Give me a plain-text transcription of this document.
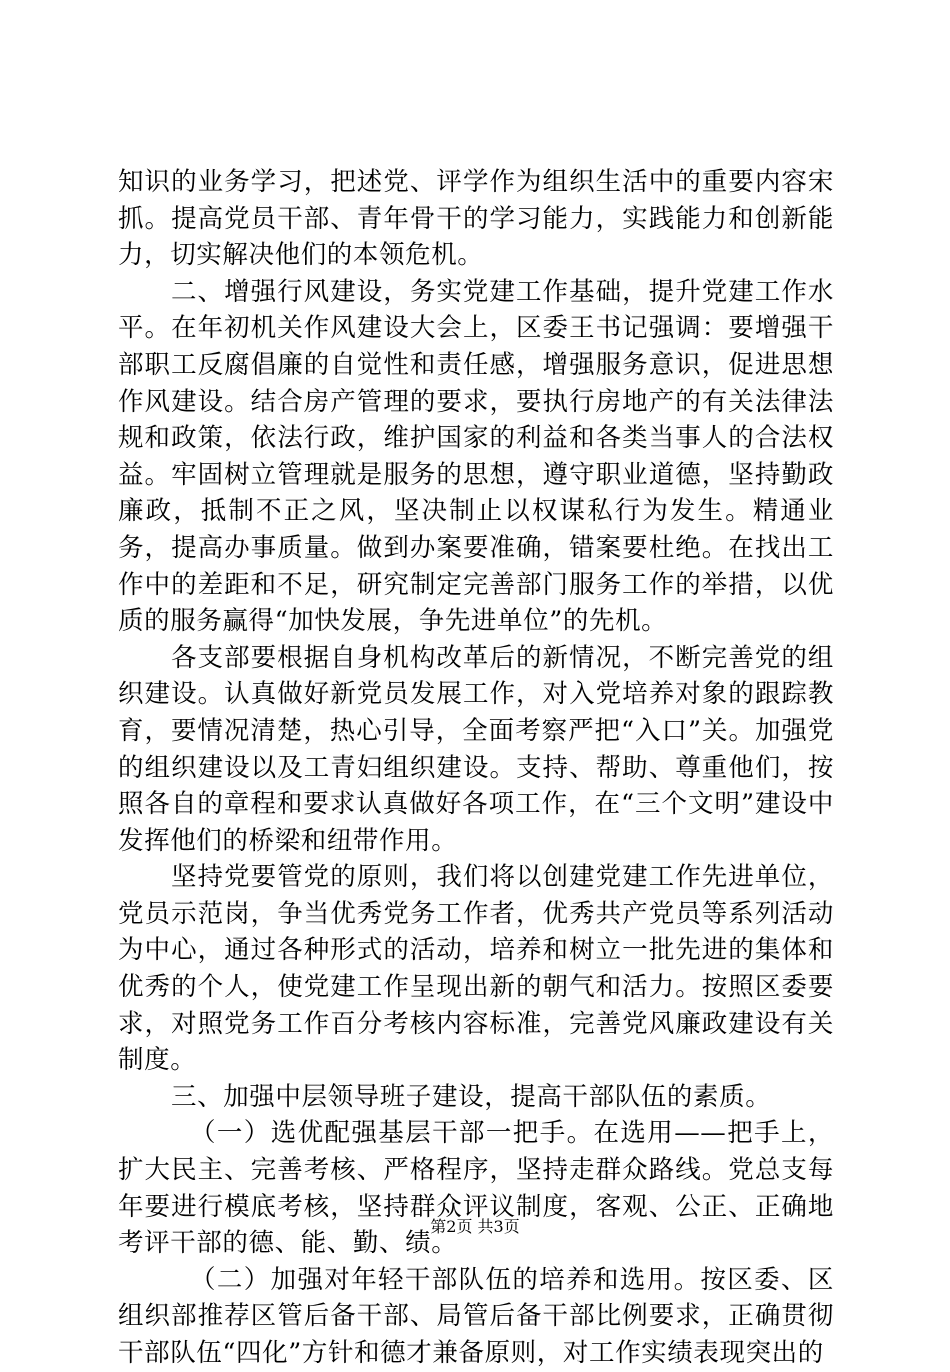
知识的业务学习，把述党、评学作为组织生活中的重要内容宋抓。提高党员干部、青年骨干的学习能力，实践能力和创新能力，切实解决他们的本领危机。

二、增强行风建设，务实党建工作基础，提升党建工作水平。在年初机关作风建设大会上，区委王书记强调：要增强干部职工反腐倡廉的自觉性和责任感，增强服务意识，促进思想作风建设。结合房产管理的要求，要执行房地产的有关法律法规和政策，依法行政，维护国家的利益和各类当事人的合法权益。牢固树立管理就是服务的思想，遵守职业道德，坚持勤政廉政，抵制不正之风，坚决制止以权谋私行为发生。精通业务，提高办事质量。做到办案要准确，错案要杜绝。在找出工作中的差距和不足，研究制定完善部门服务工作的举措，以优质的服务赢得“加快发展，争先进单位”的先机。

各支部要根据自身机构改革后的新情况，不断完善党的组织建设。认真做好新党员发展工作，对入党培养对象的跟踪教育，要情况清楚，热心引导，全面考察严把“入口”关。加强党的组织建设以及工青妇组织建设。支持、帮助、尊重他们，按照各自的章程和要求认真做好各项工作，在“三个文明”建设中发挥他们的桥梁和纽带作用。

坚持党要管党的原则，我们将以创建党建工作先进单位，党员示范岗，争当优秀党务工作者，优秀共产党员等系列活动为中心，通过各种形式的活动，培养和树立一批先进的集体和优秀的个人，使党建工作呈现出新的朝气和活力。按照区委要求，对照党务工作百分考核内容标准，完善党风廉政建设有关制度。

三、加强中层领导班子建设，提高干部队伍的素质。

（一）选优配强基层干部一把手。在选用——把手上，扩大民主、完善考核、严格程序，坚持走群众路线。党总支每年要进行模底考核，坚持群众评议制度，客观、公正、正确地考评干部的德、能、勤、绩。

（二）加强对年轻干部队伍的培养和选用。按区委、区组织部推荐区管后备干部、局管后备干部比例要求，正确贯彻干部队伍“四化”方针和德才兼备原则，对工作实绩表现突出的

第2页 共3页
